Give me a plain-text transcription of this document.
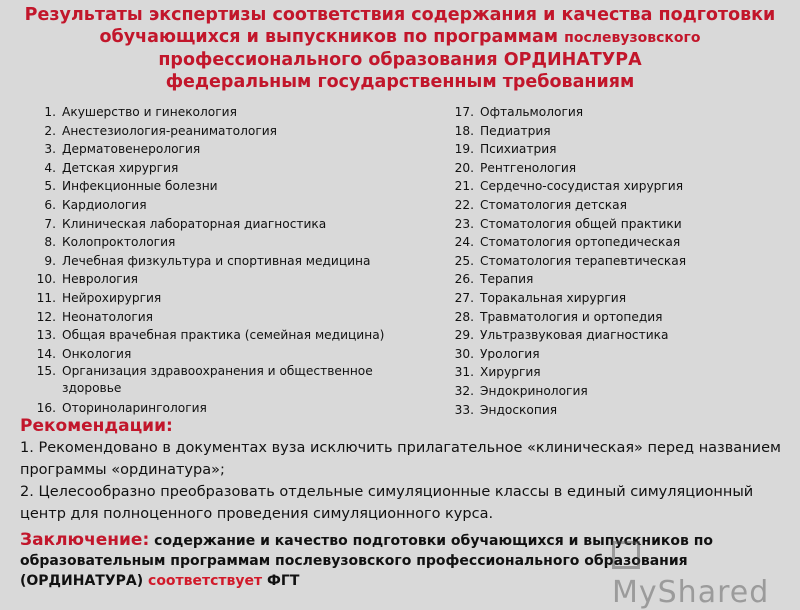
Результаты экспертизы соответствия содержания и качества подготовки
обучающихся и выпускников по программам послевузовского
профессионального образования ОРДИНАТУРА
федеральным государственным требованиям
1. Акушерство и гинекология
2. Анестезиология-реаниматология
3. Дерматовенерология
4. Детская хирургия
5. Инфекционные болезни
6. Кардиология
7. Клиническая лабораторная диагностика
8. Колопроктология
9. Лечебная физкультура и спортивная медицина
10. Неврология
11. Нейрохирургия
12. Неонатология
13. Общая врачебная практика (семейная медицина)
14. Онкология
15. Организация здравоохранения и общественное здоровье
16. Оториноларингология
17. Офтальмология
18. Педиатрия
19. Психиатрия
20. Рентгенология
21. Сердечно-сосудистая хирургия
22. Стоматология детская
23. Стоматология общей практики
24. Стоматология ортопедическая
25. Стоматология терапевтическая
26. Терапия
27. Торакальная хирургия
28. Травматология и ортопедия
29. Ультразвуковая диагностика
30. Урология
31. Хирургия
32. Эндокринология
33. Эндоскопия
Рекомендации:

1. Рекомендовано в документах вуза исключить прилагательное «клиническая» перед названием программы «ординатура»;

2. Целесообразно преобразовать отдельные симуляционные классы в единый симуляционный центр для полноценного проведения симуляционного курса.

Заключение: содержание и качество подготовки обучающихся и выпускников по образовательным программам послевузовского профессионального образования (ОРДИНАТУРА) соответствует ФГТ	MyShared
